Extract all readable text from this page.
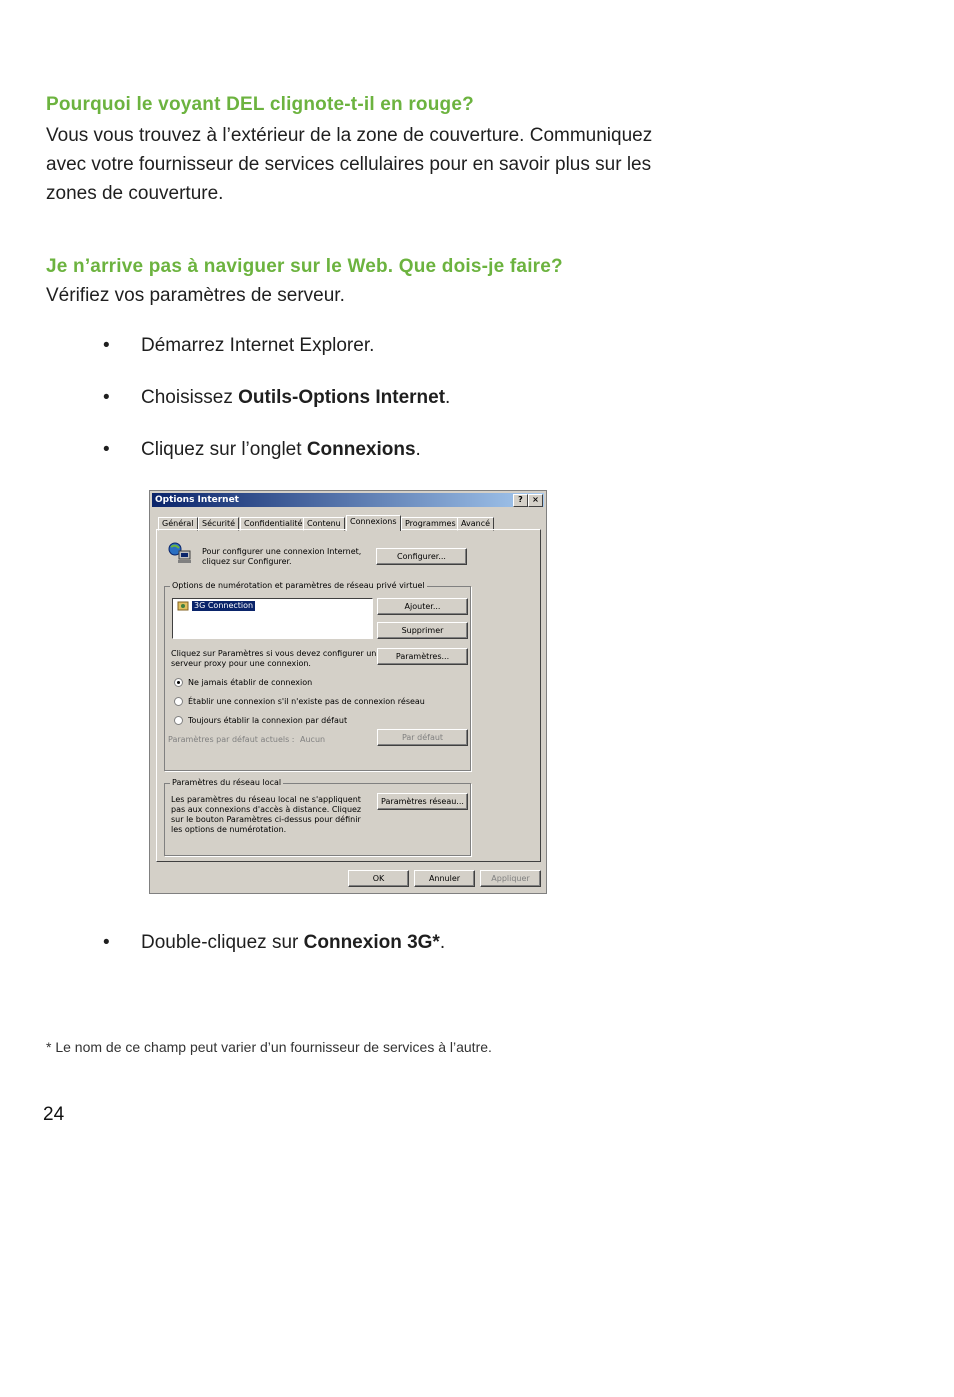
Pourquoi le voyant DEL clignote-t-il en rouge?

Vous vous trouvez à l’extérieur de la zone de couverture. Communiquez
avec votre fournisseur de services cellulaires pour en savoir plus sur les
zones de couverture.

Je n’arrive pas à naviguer sur le Web. Que dois-je faire?

Vérifiez vos paramètres de serveur.

• Démarrez Internet Explorer.
• Choisissez Outils-Options Internet.
• Cliquez sur l’onglet Connexions.
Options Internet	?	×
Général	Sécurité	Confidentialité Contenu	Connexions	Programmes Avancé
Pour configurer une connexion Internet,
cliquez sur Configurer.
Configurer...
Options de numérotation et paramètres de réseau privé virtuel
3G Connection	Ajouter...
Supprimer
Cliquez sur Paramètres si vous devez configurer un
serveur proxy pour une connexion.
Paramètres...
Ne jamais établir de connexion
Établir une connexion s'il n'existe pas de connexion réseau
Toujours établir la connexion par défaut
Paramètres par défaut actuels : Aucun	Par défaut
Paramètres du réseau local
Les paramètres du réseau local ne s'appliquent
pas aux connexions d'accès à distance. Cliquez
sur le bouton Paramètres ci-dessus pour définir
les options de numérotation.
Paramètres réseau...
OK	Annuler	Appliquer
• Double-cliquez sur Connexion 3G*.
* Le nom de ce champ peut varier d’un fournisseur de services à l’autre.
24
